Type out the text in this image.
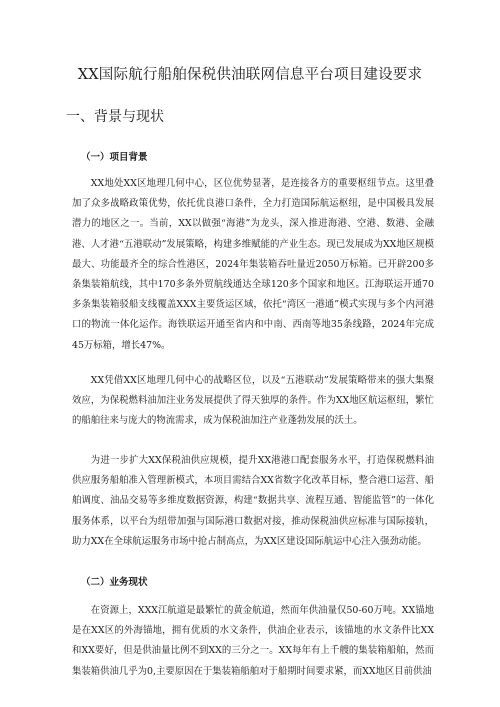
XX国际航行船舶保税供油联网信息平台项目建设要求
一、背景与现状
（一）项目背景

XX地处XX区地理几何中心，区位优势显著，是连接各方的重要枢纽节点。这里叠加了众多战略政策优势，依托优良港口条件，全力打造国际航运枢纽，是中国极具发展潜力的地区之一。当前，XX以做强“海港”为龙头，深入推进海港、空港、数港、金融港、人才港“五港联动”发展策略，构建多维赋能的产业生态。现已发展成为XX地区规模最大、功能最齐全的综合性港区，2024年集装箱吞吐量近2050万标箱。已开辟200多条集装箱航线，其中170多条外贸航线通达全球120多个国家和地区。江海联运开通70多条集装箱驳船支线覆盖XXX主要货运区域，依托“湾区一港通”模式实现与多个内河港口的物流一体化运作。海铁联运开通至省内和中南、西南等地35条线路，2024年完成45万标箱，增长47%。

XX凭借XX区地理几何中心的战略区位，以及“五港联动”发展策略带来的强大集聚效应，为保税燃料油加注业务发展提供了得天独厚的条件。作为XX地区航运枢纽，繁忙的船舶往来与庞大的物流需求，成为保税油加注产业蓬勃发展的沃土。

为进一步扩大XX保税油供应规模，提升XX港港口配套服务水平，打造保税燃料油供应服务船舶准入管理新模式，本项目需结合XX省数字化改革目标，整合港口运营、船舶调度、油品交易等多维度数据资源，构建“数据共享、流程互通、智能监管”的一体化服务体系，以平台为纽带加强与国际港口数据对接，推动保税油供应标准与国际接轨，助力XX在全球航运服务市场中抢占制高点，为XX区建设国际航运中心注入强劲动能。

（二）业务现状

在资源上，XXX江航道是最繁忙的黄金航道，然而年供油量仅50-60万吨。XX锚地是在XX区的外海锚地，拥有优质的水文条件，供油企业表示，该锚地的水文条件比XX和XX要好，但是供油量比例不到XX的三分之一。XX每年有上千艘的集装箱船舶，然而集装箱供油几乎为0,主要原因在于集装箱船舶对于船期时间要求紧，而XX地区目前供油
